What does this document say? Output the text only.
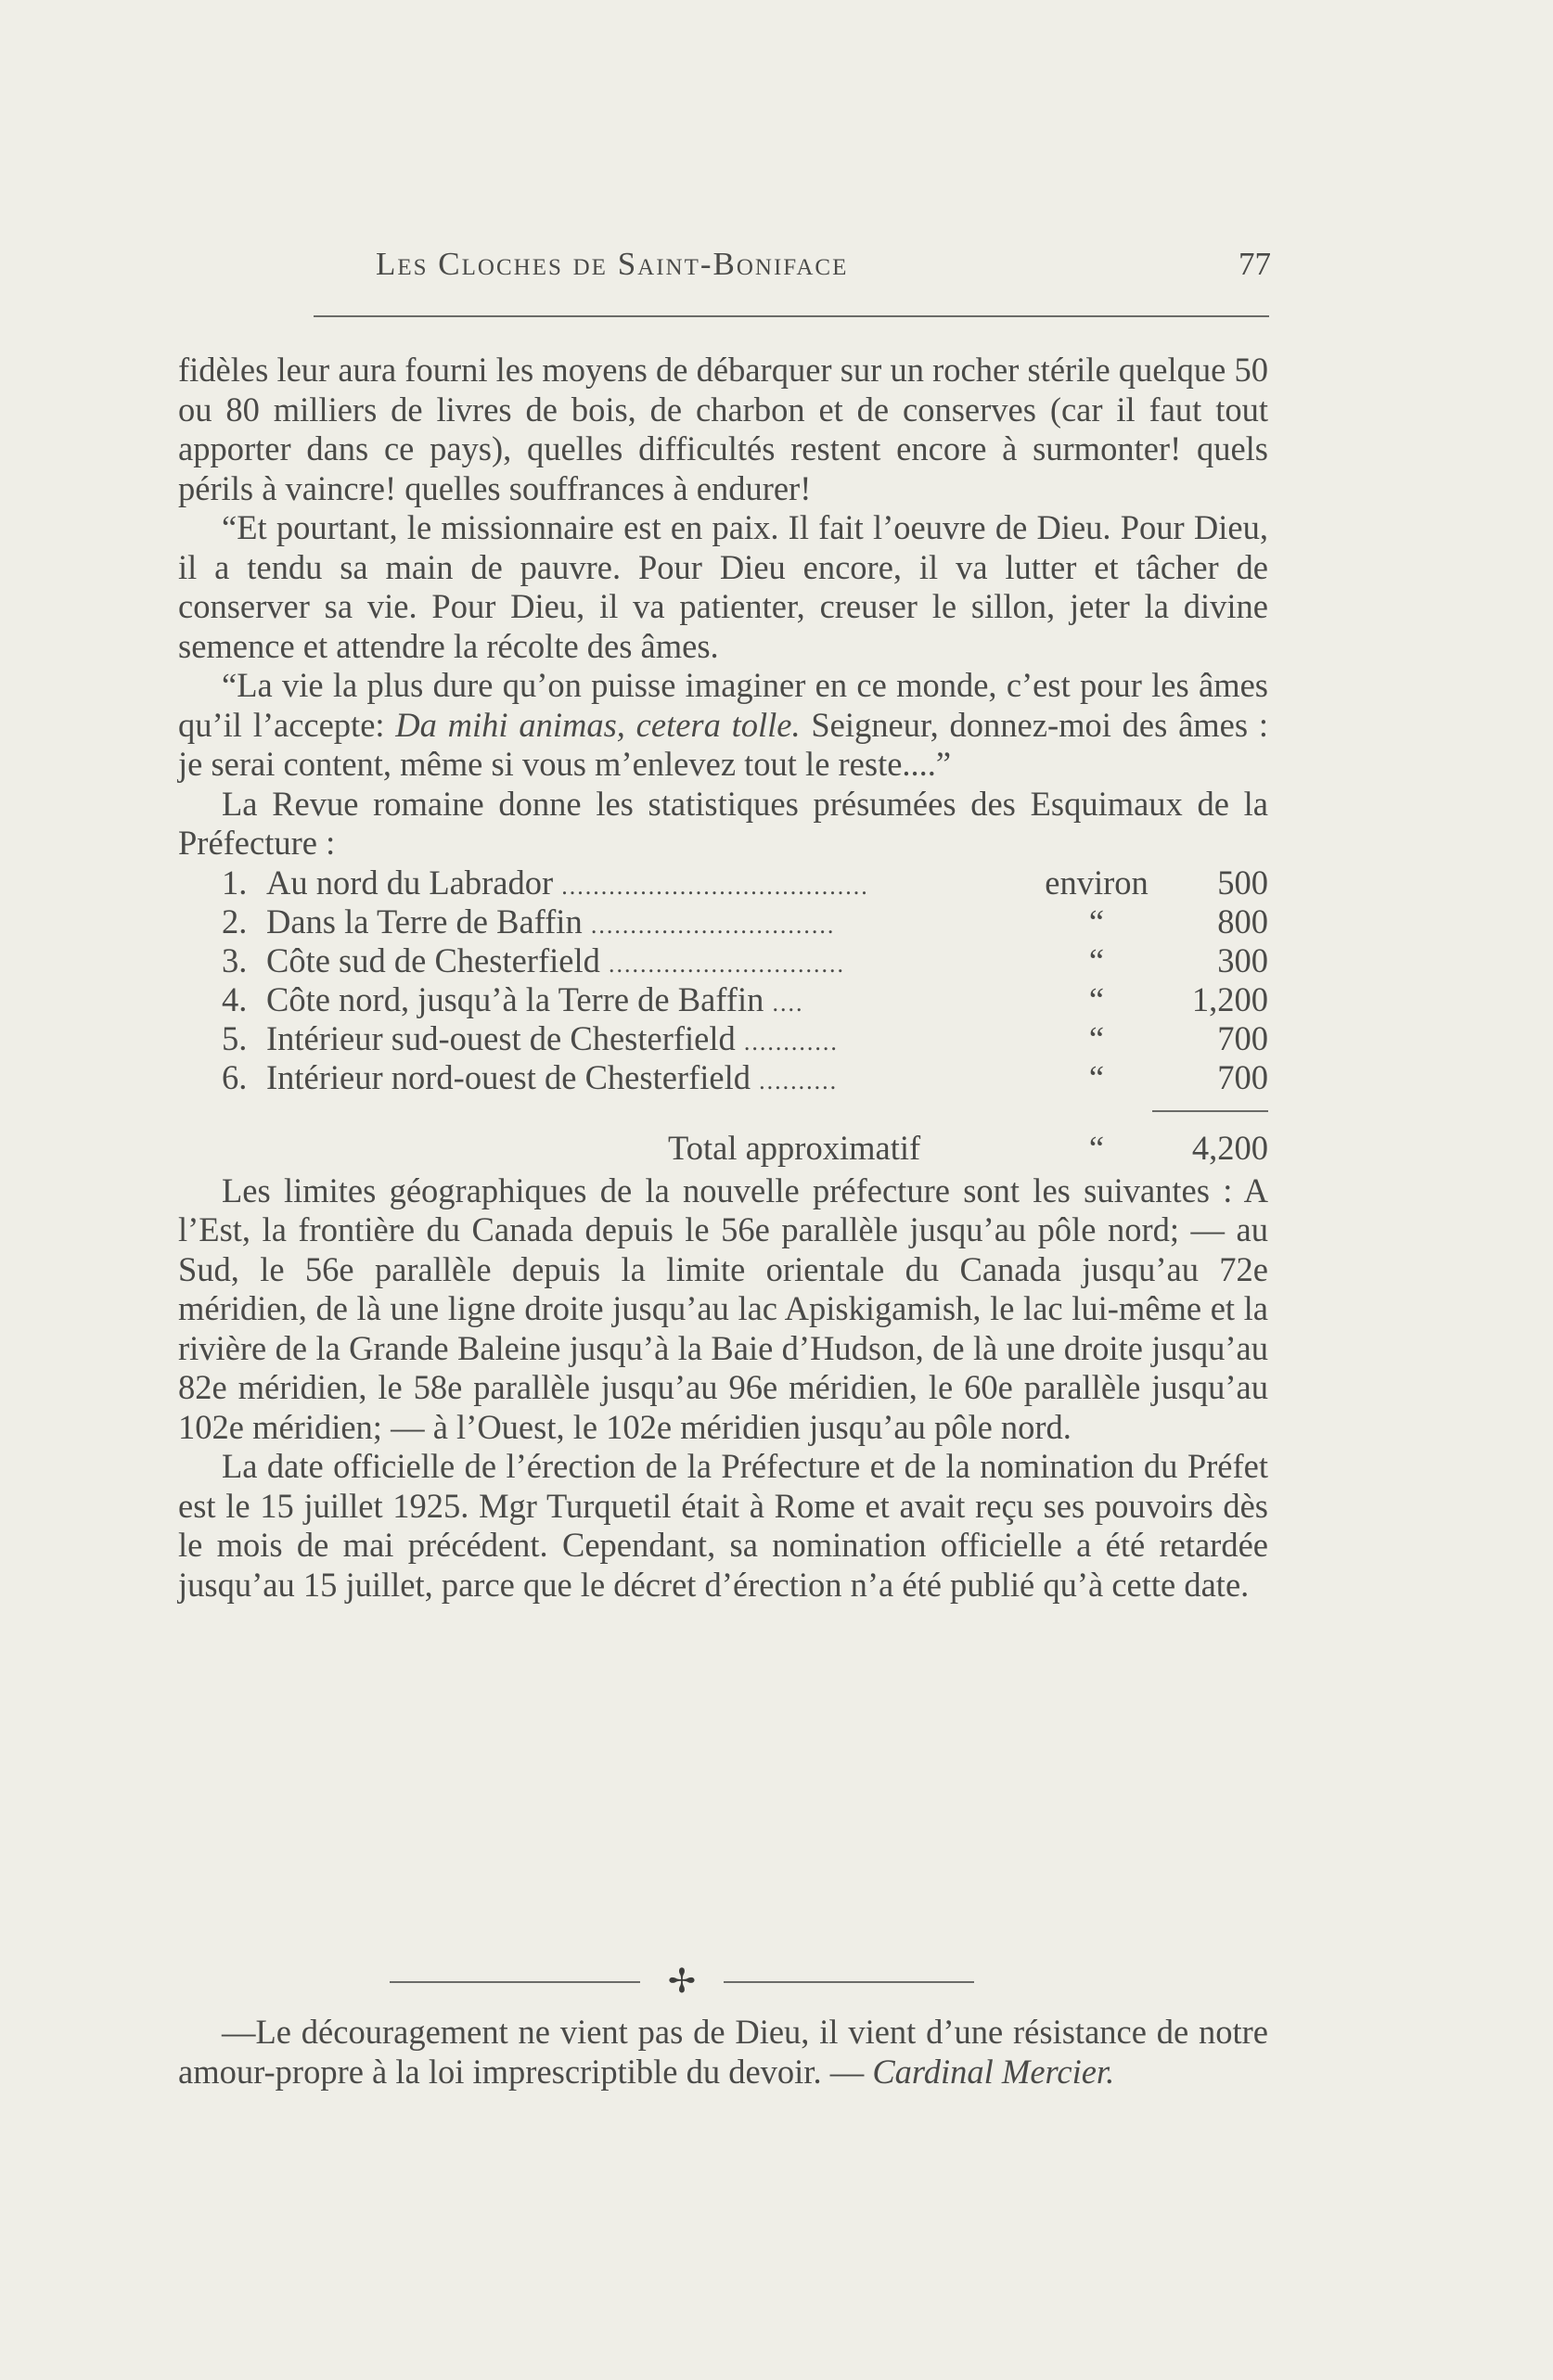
Les Cloches de Saint-Boniface	77

fidèles leur aura fourni les moyens de débarquer sur un rocher stérile quelque 50 ou 80 milliers de livres de bois, de charbon et de conserves (car il faut tout apporter dans ce pays), quelles difficultés restent encore à surmonter! quels périls à vaincre! quelles souffrances à endurer!

“Et pourtant, le missionnaire est en paix. Il fait l’oeuvre de Dieu. Pour Dieu, il a tendu sa main de pauvre. Pour Dieu encore, il va lutter et tâcher de conserver sa vie. Pour Dieu, il va patienter, creuser le sillon, jeter la divine semence et attendre la récolte des âmes.

“La vie la plus dure qu’on puisse imaginer en ce monde, c’est pour les âmes qu’il l’accepte: Da mihi animas, cetera tolle. Seigneur, donnez-moi des âmes : je serai content, même si vous m’enlevez tout le reste....”

La Revue romaine donne les statistiques présumées des Esquimaux de la Préfecture :

1. Au nord du Labrador .......................................	environ	500
2. Dans la Terre de Baffin ...............................	“	800
3. Côte sud de Chesterfield ..............................	“	300
4. Côte nord, jusqu’à la Terre de Baffin ....	“	1,200
5. Intérieur sud-ouest de Chesterfield ............	“	700
6. Intérieur nord-ouest de Chesterfield ..........	“	700
Total approximatif	“	4,200

Les limites géographiques de la nouvelle préfecture sont les suivantes : A l’Est, la frontière du Canada depuis le 56e parallèle jusqu’au pôle nord; — au Sud, le 56e parallèle depuis la limite orientale du Canada jusqu’au 72e méridien, de là une ligne droite jusqu’au lac Apiskigamish, le lac lui-même et la rivière de la Grande Baleine jusqu’à la Baie d’Hudson, de là une droite jusqu’au 82e méridien, le 58e parallèle jusqu’au 96e méridien, le 60e parallèle jusqu’au 102e méridien; — à l’Ouest, le 102e méridien jusqu’au pôle nord.

La date officielle de l’érection de la Préfecture et de la nomination du Préfet est le 15 juillet 1925. Mgr Turquetil était à Rome et avait reçu ses pouvoirs dès le mois de mai précédent. Cependant, sa nomination officielle a été retardée jusqu’au 15 juillet, parce que le décret d’érection n’a été publié qu’à cette date.

✢

—Le découragement ne vient pas de Dieu, il vient d’une résistance de notre amour-propre à la loi imprescriptible du devoir. — Cardinal Mercier.
